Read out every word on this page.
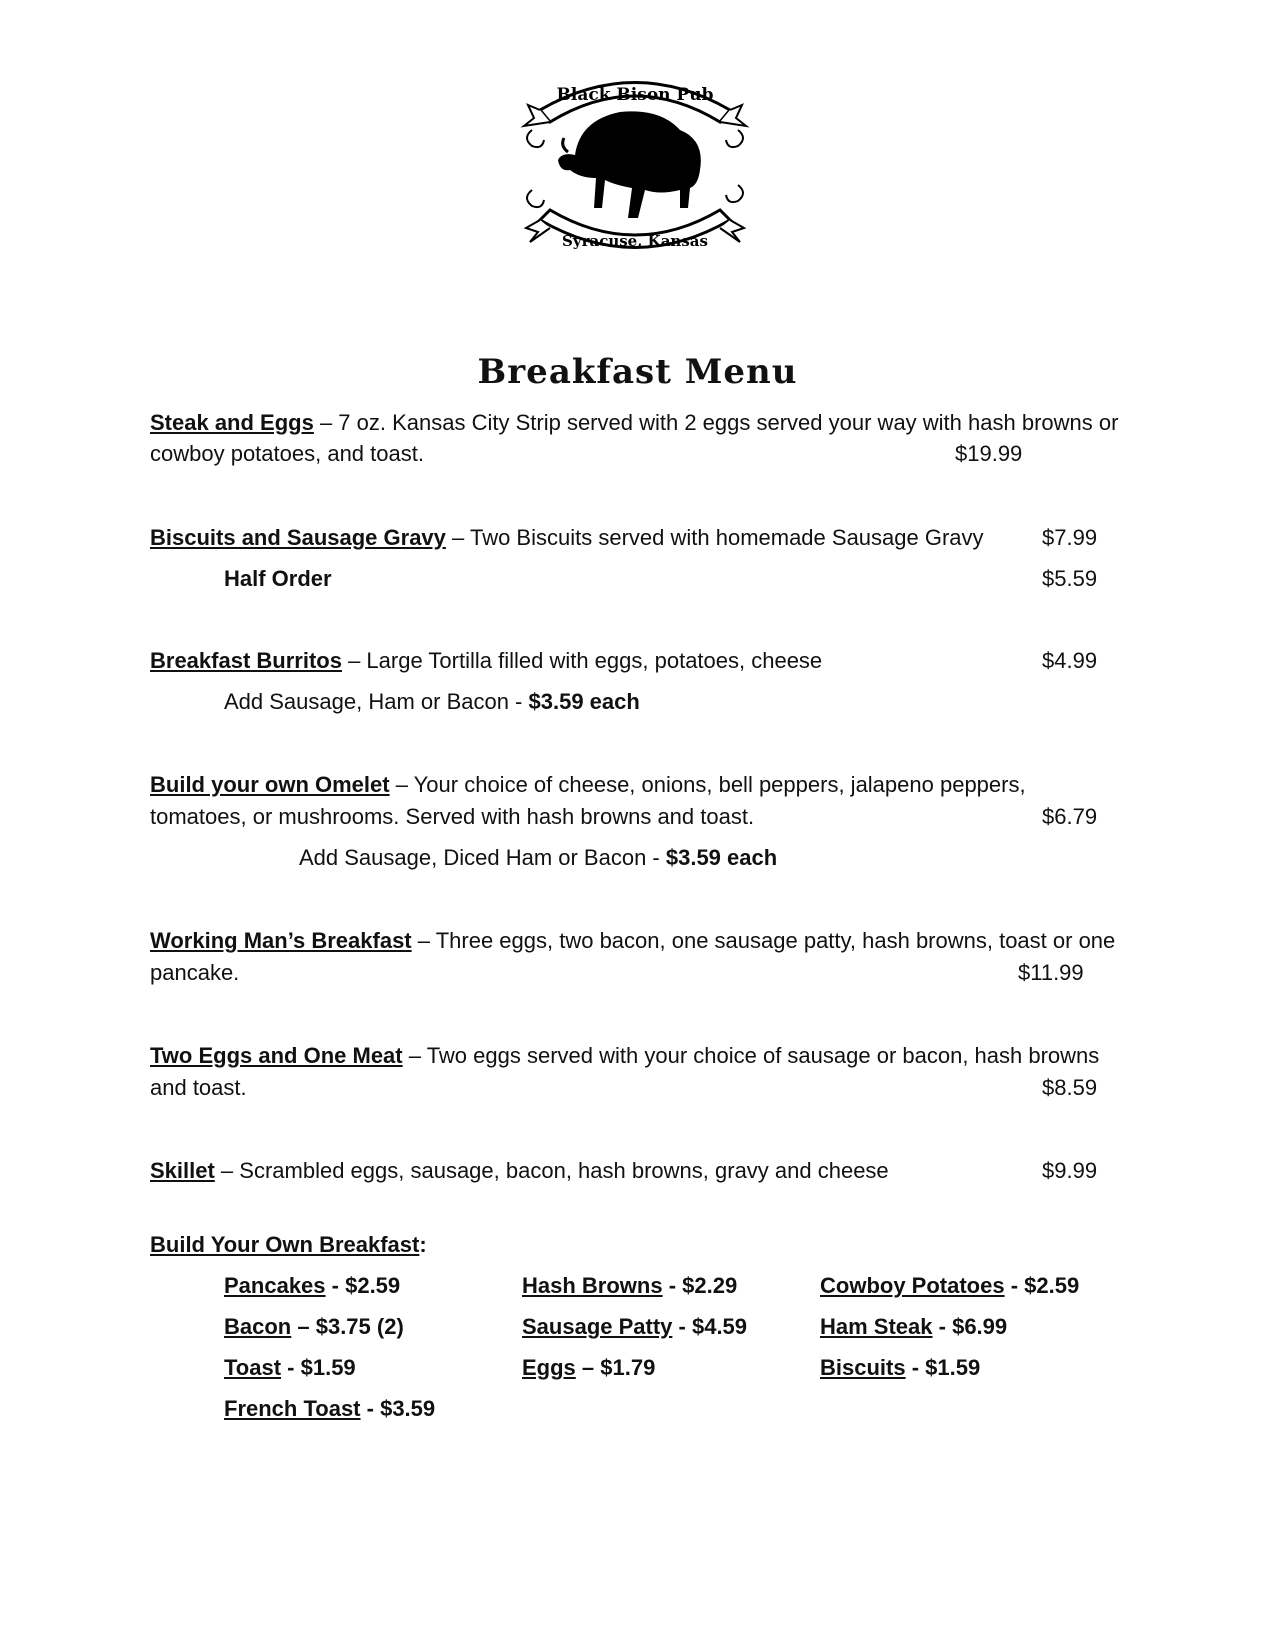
Black Bison Pub
Syracuse, Kansas
Breakfast Menu
Steak and Eggs – 7 oz. Kansas City Strip served with 2 eggs served your way with hash browns or
cowboy potatoes, and toast.	$19.99
Biscuits and Sausage Gravy – Two Biscuits served with homemade Sausage Gravy	$7.99
Half Order	$5.59
Breakfast Burritos – Large Tortilla filled with eggs, potatoes, cheese	$4.99
Add Sausage, Ham or Bacon - $3.59 each
Build your own Omelet – Your choice of cheese, onions, bell peppers, jalapeno peppers,
tomatoes, or mushrooms. Served with hash browns and toast.	$6.79
Add Sausage, Diced Ham or Bacon - $3.59 each
Working Man’s Breakfast – Three eggs, two bacon, one sausage patty, hash browns, toast or one
pancake.	$11.99
Two Eggs and One Meat – Two eggs served with your choice of sausage or bacon, hash browns
and toast.	$8.59
Skillet – Scrambled eggs, sausage, bacon, hash browns, gravy and cheese	$9.99
Build Your Own Breakfast:
Pancakes - $2.59	Hash Browns - $2.29	Cowboy Potatoes - $2.59
Bacon – $3.75 (2)	Sausage Patty - $4.59	Ham Steak - $6.99
Toast - $1.59	Eggs – $1.79	Biscuits - $1.59
French Toast - $3.59
